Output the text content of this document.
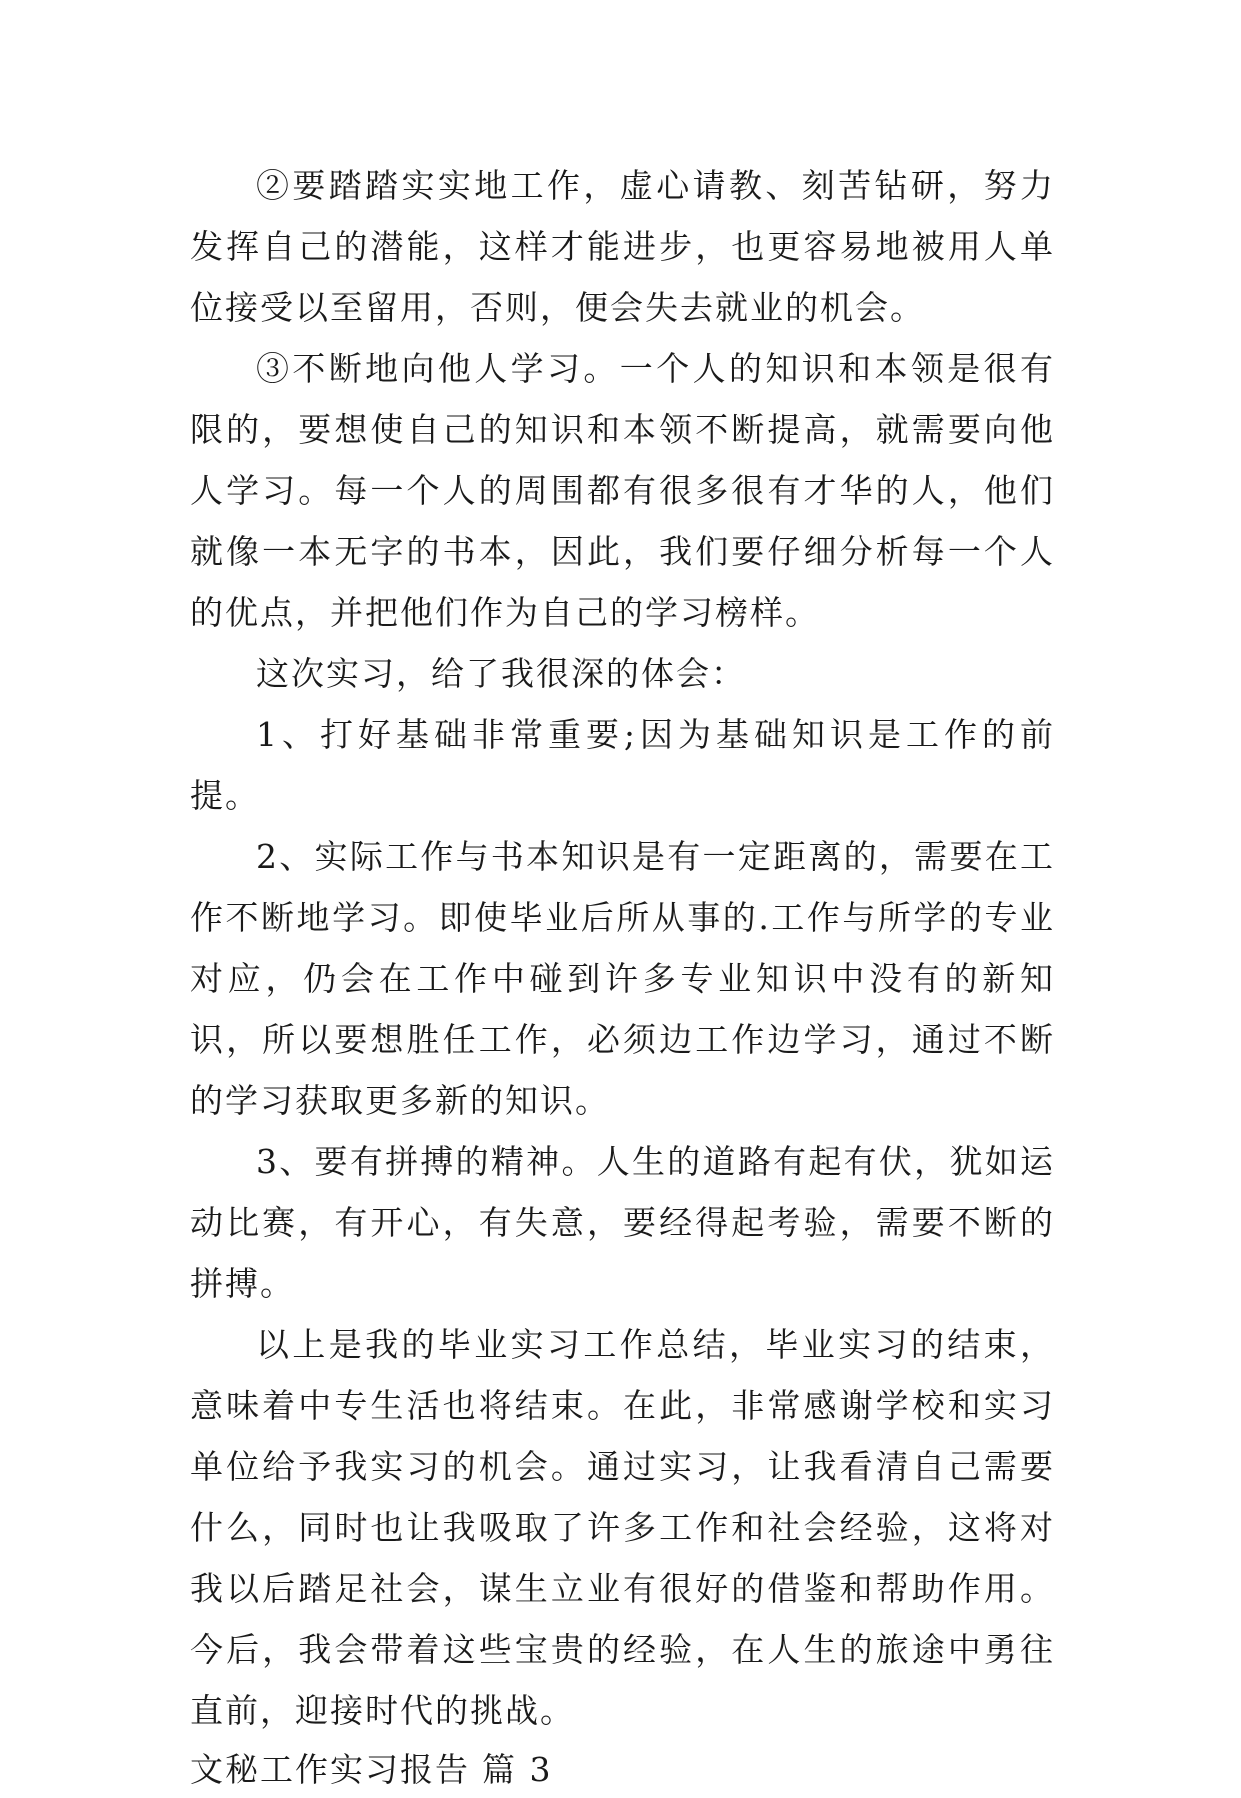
②要踏踏实实地工作，虚心请教、刻苦钻研，努力发挥自己的潜能，这样才能进步，也更容易地被用人单位接受以至留用，否则，便会失去就业的机会。

③不断地向他人学习。一个人的知识和本领是很有限的，要想使自己的知识和本领不断提高，就需要向他人学习。每一个人的周围都有很多很有才华的人，他们就像一本无字的书本，因此，我们要仔细分析每一个人的优点，并把他们作为自己的学习榜样。

这次实习，给了我很深的体会：

1、打好基础非常重要;因为基础知识是工作的前提。

2、实际工作与书本知识是有一定距离的，需要在工作不断地学习。即使毕业后所从事的.工作与所学的专业对应，仍会在工作中碰到许多专业知识中没有的新知识，所以要想胜任工作，必须边工作边学习，通过不断的学习获取更多新的知识。

3、要有拼搏的精神。人生的道路有起有伏，犹如运动比赛，有开心，有失意，要经得起考验，需要不断的拼搏。

以上是我的毕业实习工作总结，毕业实习的结束，意味着中专生活也将结束。在此，非常感谢学校和实习单位给予我实习的机会。通过实习，让我看清自己需要什么，同时也让我吸取了许多工作和社会经验，这将对我以后踏足社会，谋生立业有很好的借鉴和帮助作用。今后，我会带着这些宝贵的经验，在人生的旅途中勇往直前，迎接时代的挑战。

文秘工作实习报告 篇 3
